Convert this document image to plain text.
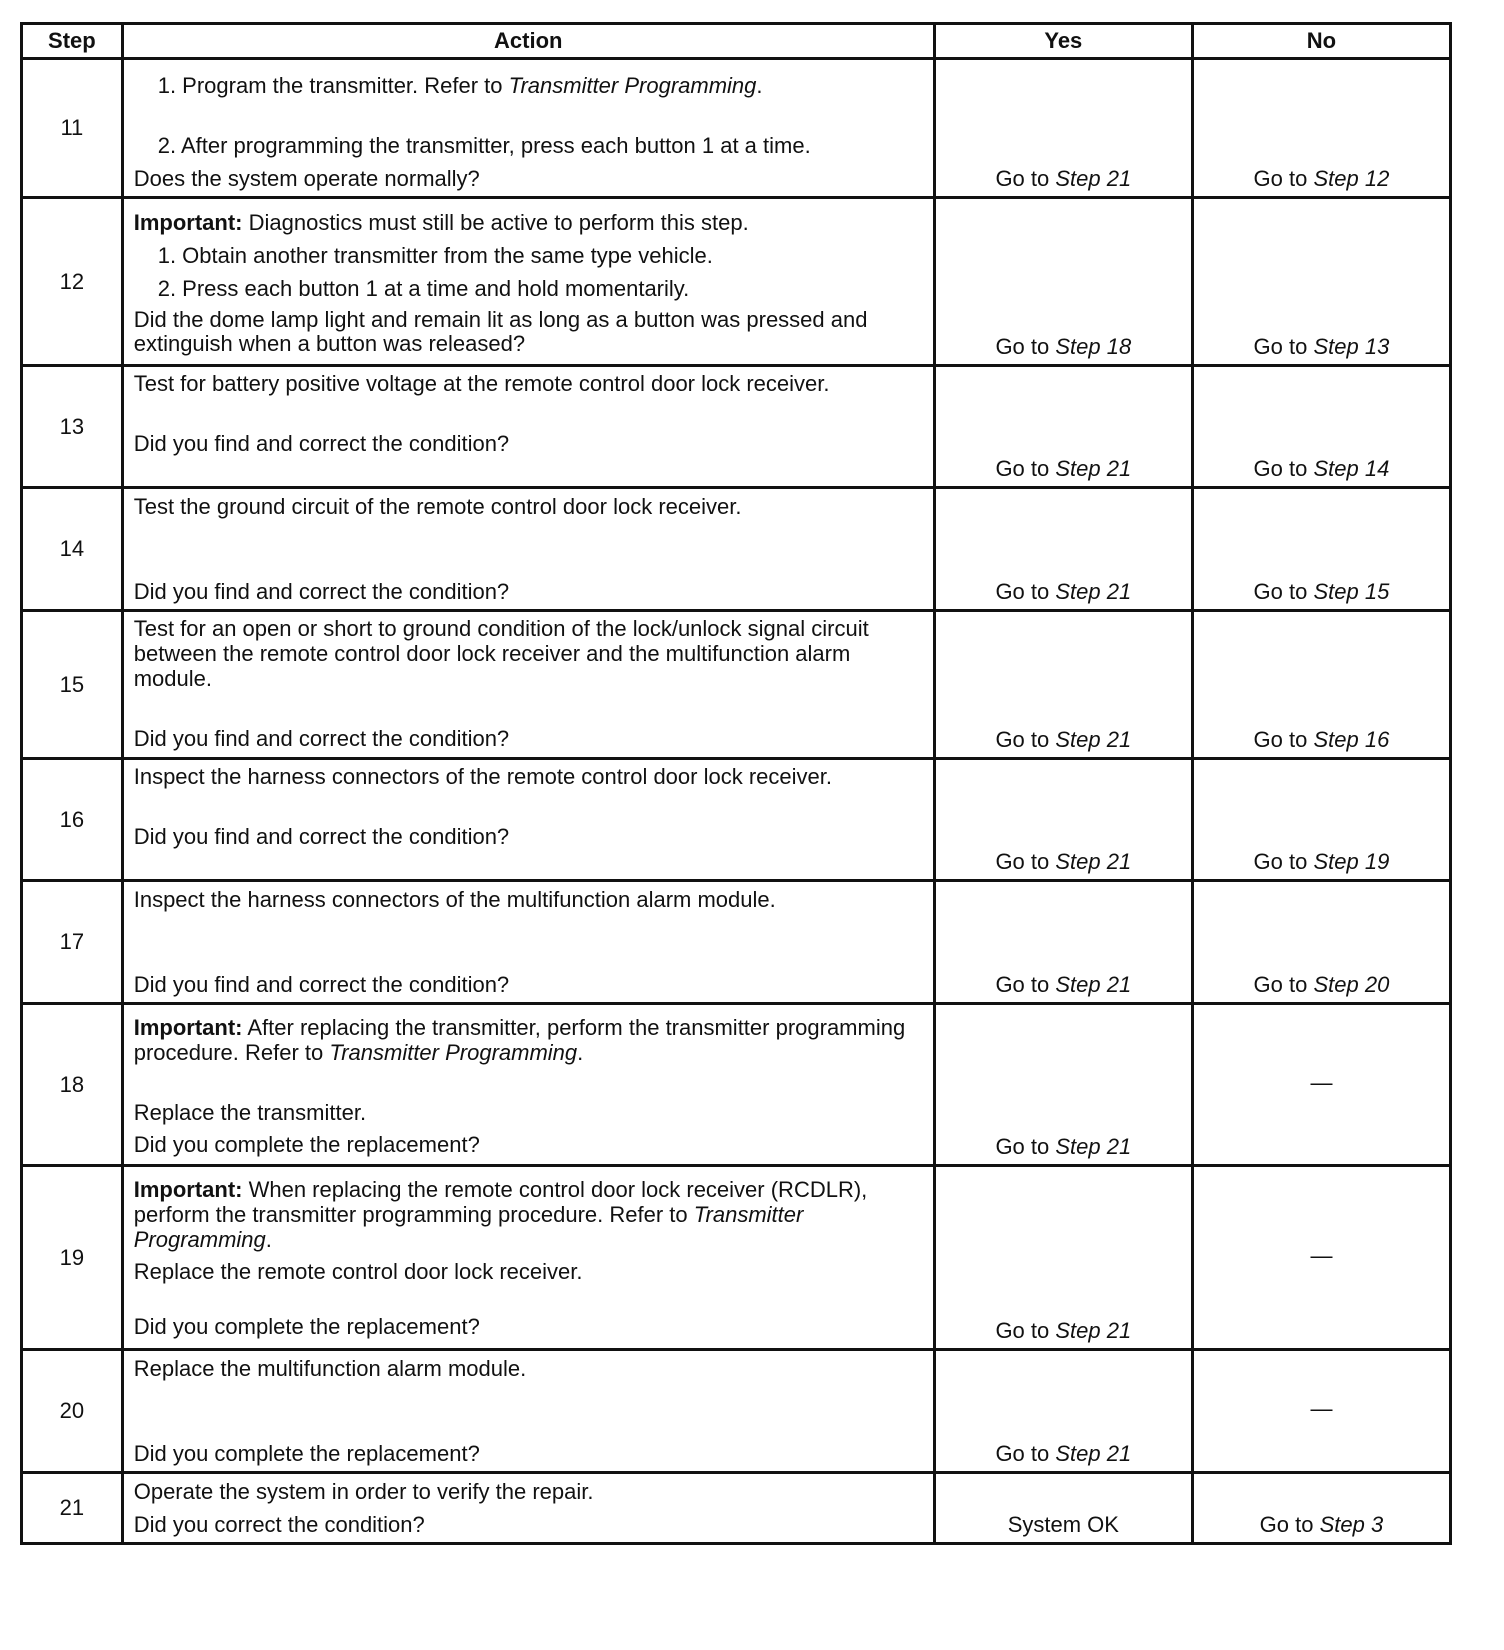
Step	Action	Yes	No
11	1. Program the transmitter. Refer to Transmitter Programming.
2. After programming the transmitter, press each button 1 at a time.
Does the system operate normally?	Go to Step 21	Go to Step 12
12	Important: Diagnostics must still be active to perform this step.
1. Obtain another transmitter from the same type vehicle.
2. Press each button 1 at a time and hold momentarily.
Did the dome lamp light and remain lit as long as a button was pressed and extinguish when a button was released?	Go to Step 18	Go to Step 13
13	Test for battery positive voltage at the remote control door lock receiver.
Did you find and correct the condition?	Go to Step 21	Go to Step 14
14	Test the ground circuit of the remote control door lock receiver.
Did you find and correct the condition?	Go to Step 21	Go to Step 15
15	Test for an open or short to ground condition of the lock/unlock signal circuit between the remote control door lock receiver and the multifunction alarm module.
Did you find and correct the condition?	Go to Step 21	Go to Step 16
16	Inspect the harness connectors of the remote control door lock receiver.
Did you find and correct the condition?	Go to Step 21	Go to Step 19
17	Inspect the harness connectors of the multifunction alarm module.
Did you find and correct the condition?	Go to Step 21	Go to Step 20
18	Important: After replacing the transmitter, perform the transmitter programming procedure. Refer to Transmitter Programming.
Replace the transmitter.
Did you complete the replacement?	Go to Step 21	—
19	Important: When replacing the remote control door lock receiver (RCDLR), perform the transmitter programming procedure. Refer to Transmitter Programming.
Replace the remote control door lock receiver.
Did you complete the replacement?	Go to Step 21	—
20	Replace the multifunction alarm module.
Did you complete the replacement?	Go to Step 21	—
21	Operate the system in order to verify the repair.
Did you correct the condition?	System OK	Go to Step 3
